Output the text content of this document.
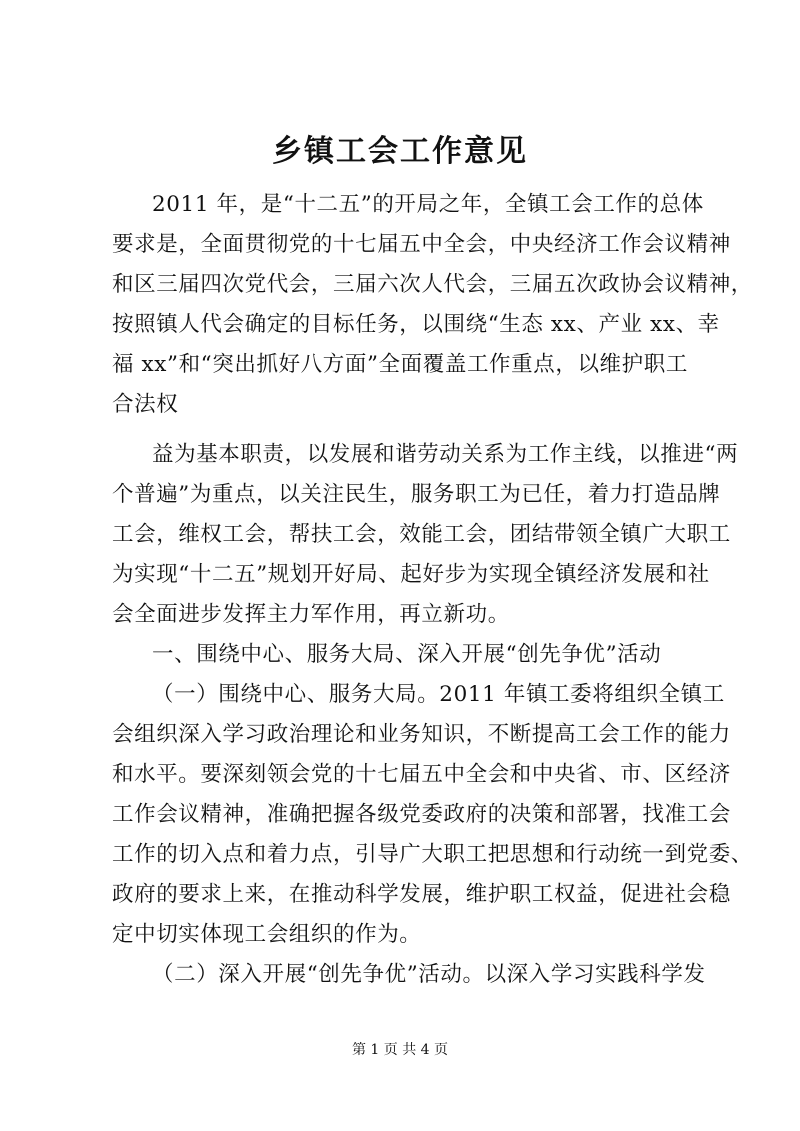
乡镇工会工作意见
2011 年，是“十二五”的开局之年，全镇工会工作的总体
要求是，全面贯彻党的十七届五中全会，中央经济工作会议精神
和区三届四次党代会，三届六次人代会，三届五次政协会议精神，
按照镇人代会确定的目标任务，以围绕“生态 xx、产业 xx、幸
福 xx”和“突出抓好八方面”全面覆盖工作重点，以维护职工
合法权
益为基本职责，以发展和谐劳动关系为工作主线，以推进“两
个普遍”为重点，以关注民生，服务职工为已任，着力打造品牌
工会，维权工会，帮扶工会，效能工会，团结带领全镇广大职工
为实现“十二五”规划开好局、起好步为实现全镇经济发展和社
会全面进步发挥主力军作用，再立新功。
一、围绕中心、服务大局、深入开展“创先争优”活动
（一）围绕中心、服务大局。2011 年镇工委将组织全镇工
会组织深入学习政治理论和业务知识，不断提高工会工作的能力
和水平。要深刻领会党的十七届五中全会和中央省、市、区经济
工作会议精神，准确把握各级党委政府的决策和部署，找准工会
工作的切入点和着力点，引导广大职工把思想和行动统一到党委、
政府的要求上来，在推动科学发展，维护职工权益，促进社会稳
定中切实体现工会组织的作为。
（二）深入开展“创先争优”活动。以深入学习实践科学发
第 1 页 共 4 页
